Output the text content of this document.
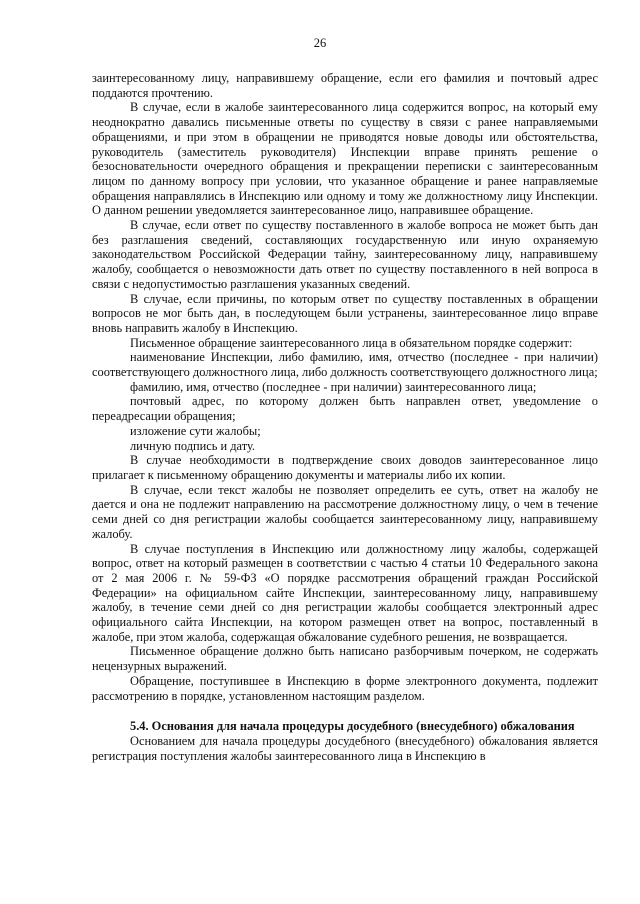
26

заинтересованному лицу, направившему обращение, если его фамилия и почтовый адрес поддаются прочтению.

В случае, если в жалобе заинтересованного лица содержится вопрос, на который ему неоднократно давались письменные ответы по существу в связи с ранее направляемыми обращениями, и при этом в обращении не приводятся новые доводы или обстоятельства, руководитель (заместитель руководителя) Инспекции вправе принять решение о безосновательности очередного обращения и прекращении переписки с заинтересованным лицом по данному вопросу при условии, что указанное обращение и ранее направляемые обращения направлялись в Инспекцию или одному и тому же должностному лицу Инспекции. О данном решении уведомляется заинтересованное лицо, направившее обращение.

В случае, если ответ по существу поставленного в жалобе вопроса не может быть дан без разглашения сведений, составляющих государственную или иную охраняемую законодательством Российской Федерации тайну, заинтересованному лицу, направившему жалобу, сообщается о невозможности дать ответ по существу поставленного в ней вопроса в связи с недопустимостью разглашения указанных сведений.

В случае, если причины, по которым ответ по существу поставленных в обращении вопросов не мог быть дан, в последующем были устранены, заинтересованное лицо вправе вновь направить жалобу в Инспекцию.

Письменное обращение заинтересованного лица в обязательном порядке содержит:

наименование Инспекции, либо фамилию, имя, отчество (последнее - при наличии) соответствующего должностного лица, либо должность соответствующего должностного лица;

фамилию, имя, отчество (последнее - при наличии) заинтересованного лица;

почтовый адрес, по которому должен быть направлен ответ, уведомление о переадресации обращения;

изложение сути жалобы;

личную подпись и дату.

В случае необходимости в подтверждение своих доводов заинтересованное лицо прилагает к письменному обращению документы и материалы либо их копии.

В случае, если текст жалобы не позволяет определить ее суть, ответ на жалобу не дается и она не подлежит направлению на рассмотрение должностному лицу, о чем в течение семи дней со дня регистрации жалобы сообщается заинтересованному лицу, направившему жалобу.

В случае поступления в Инспекцию или должностному лицу жалобы, содержащей вопрос, ответ на который размещен в соответствии с частью 4 статьи 10 Федерального закона от 2 мая 2006 г. № 59-ФЗ «О порядке рассмотрения обращений граждан Российской Федерации» на официальном сайте Инспекции, заинтересованному лицу, направившему жалобу, в течение семи дней со дня регистрации жалобы сообщается электронный адрес официального сайта Инспекции, на котором размещен ответ на вопрос, поставленный в жалобе, при этом жалоба, содержащая обжалование судебного решения, не возвращается.

Письменное обращение должно быть написано разборчивым почерком, не содержать нецензурных выражений.

Обращение, поступившее в Инспекцию в форме электронного документа, подлежит рассмотрению в порядке, установленном настоящим разделом.

5.4. Основания для начала процедуры досудебного (внесудебного) обжалования

Основанием для начала процедуры досудебного (внесудебного) обжалования является регистрация поступления жалобы заинтересованного лица в Инспекцию в
